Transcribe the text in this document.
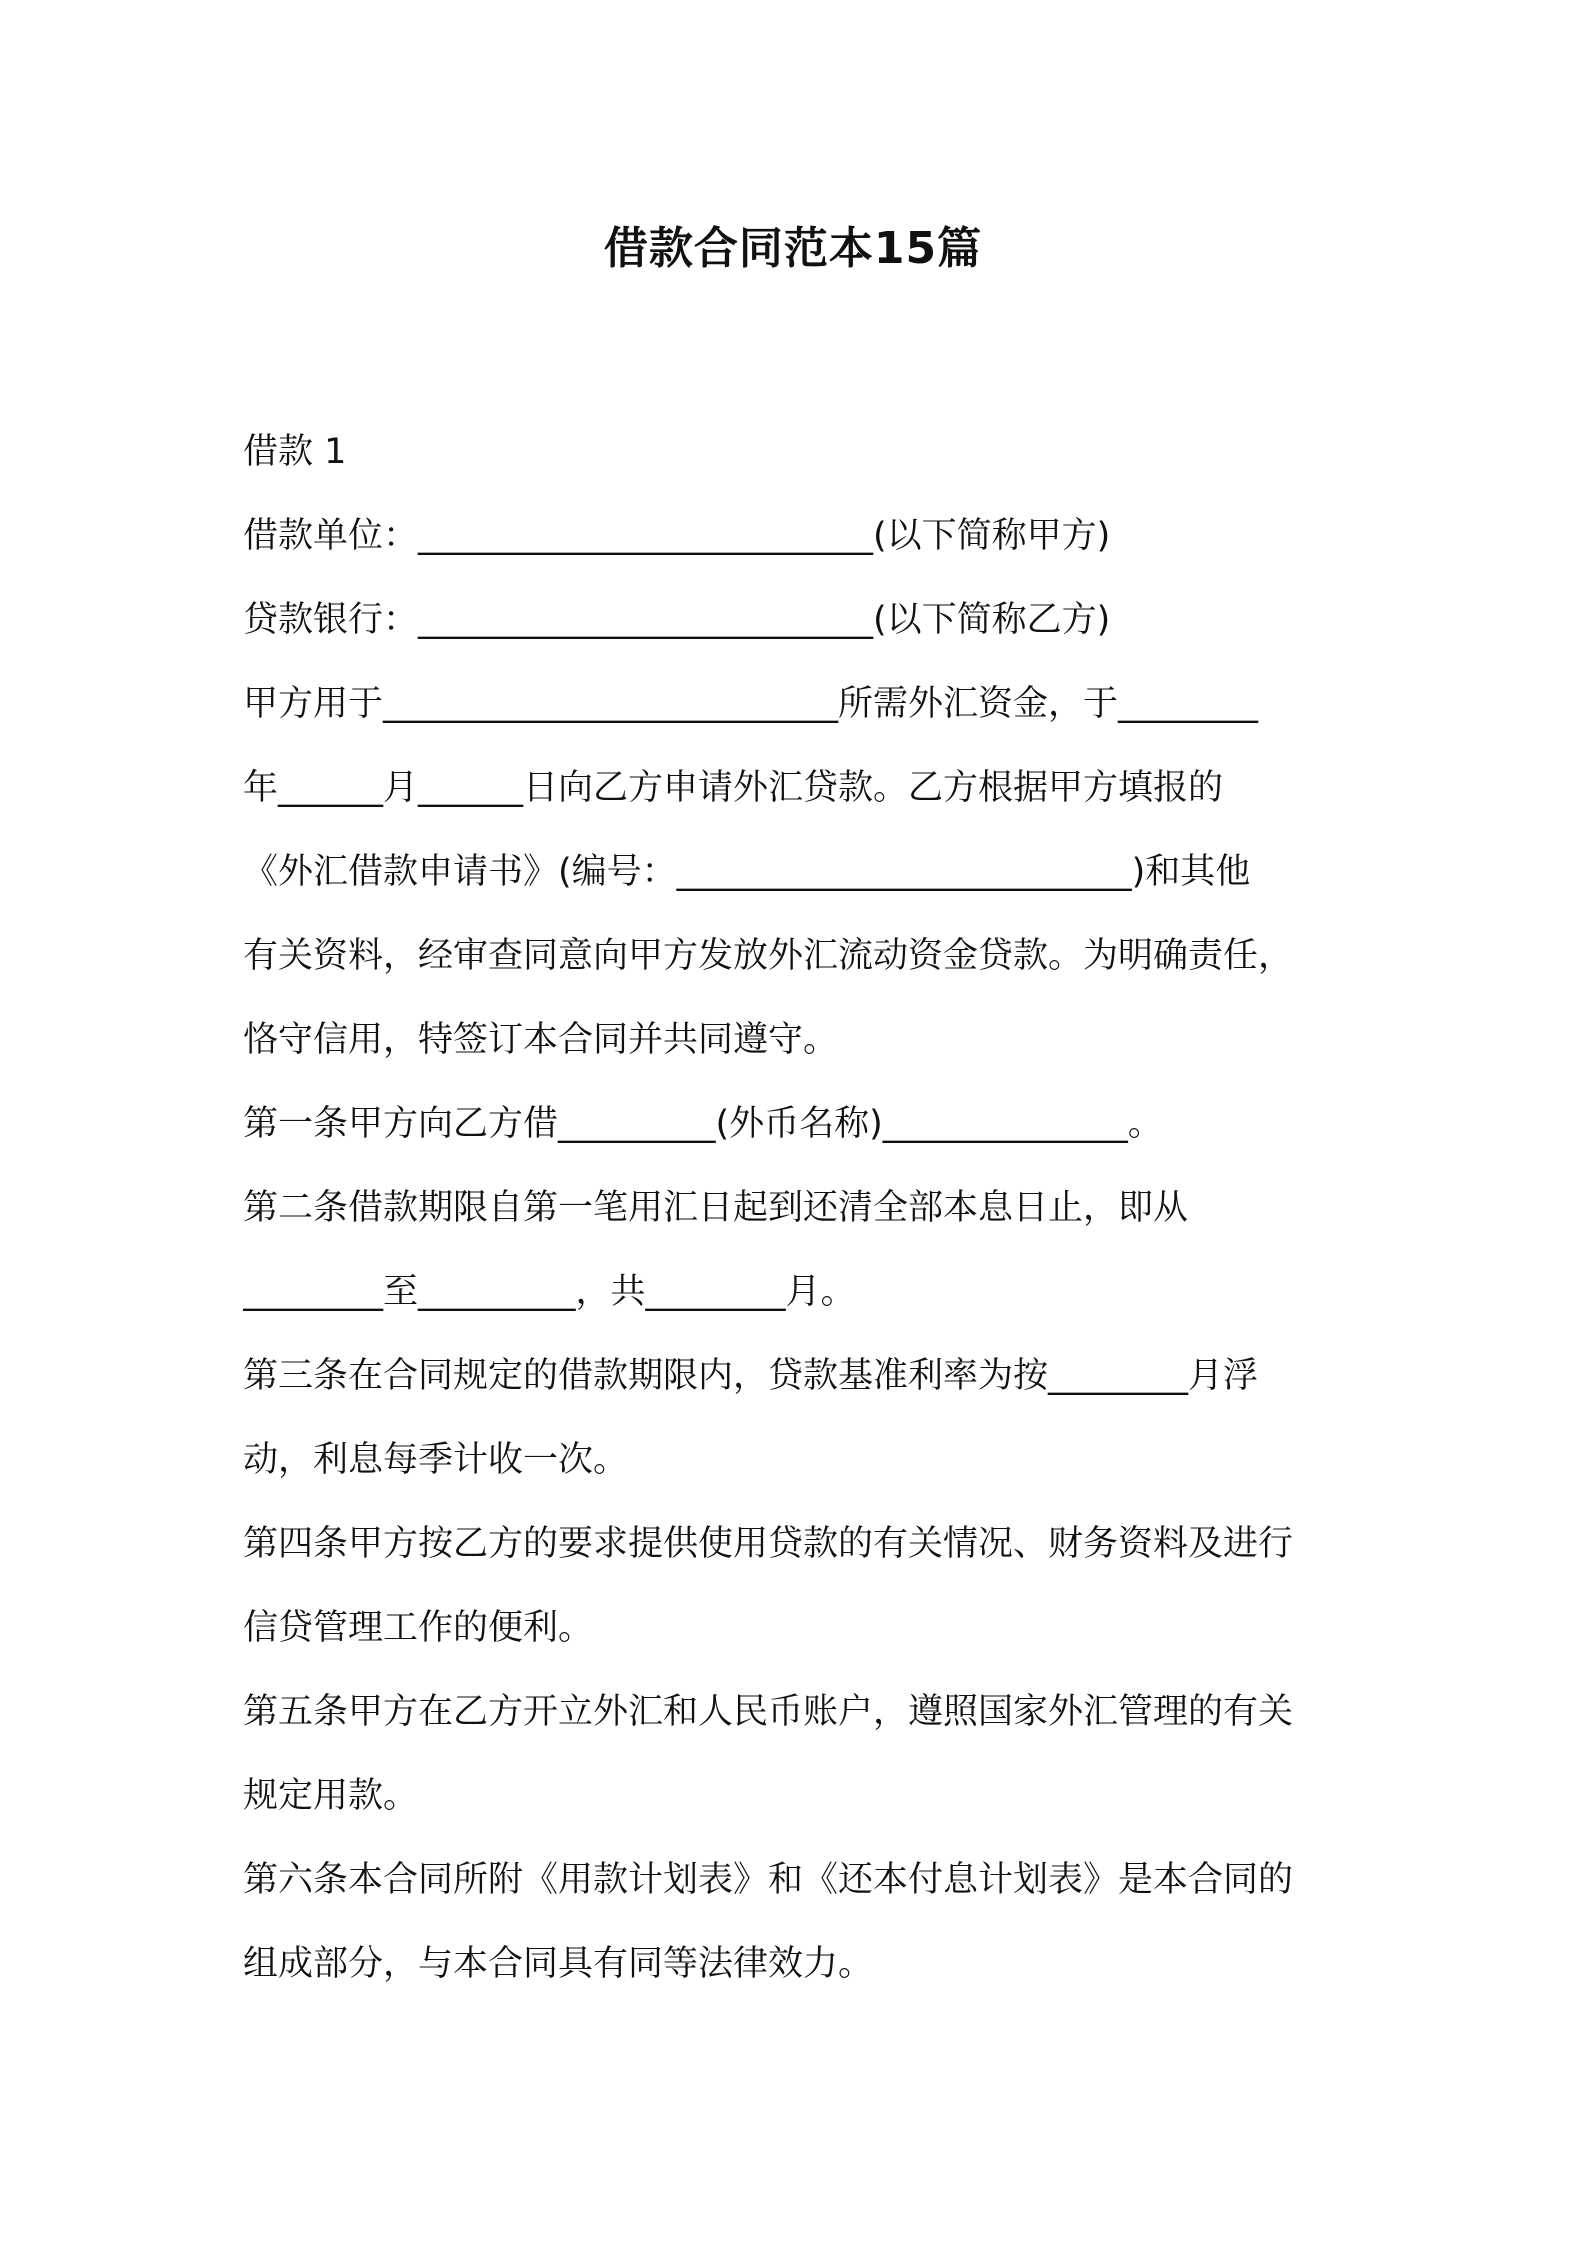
借款合同范本15篇

借款 1

借款单位：__________________________(以下简称甲方)

贷款银行：__________________________(以下简称乙方)

甲方用于__________________________所需外汇资金，于________

年______月______日向乙方申请外汇贷款。乙方根据甲方填报的

《外汇借款申请书》(编号：__________________________)和其他

有关资料，经审查同意向甲方发放外汇流动资金贷款。为明确责任，

恪守信用，特签订本合同并共同遵守。

第一条甲方向乙方借_________(外币名称)______________。

第二条借款期限自第一笔用汇日起到还清全部本息日止，即从

________至_________，共________月。

第三条在合同规定的借款期限内，贷款基准利率为按________月浮

动，利息每季计收一次。

第四条甲方按乙方的要求提供使用贷款的有关情况、财务资料及进行

信贷管理工作的便利。

第五条甲方在乙方开立外汇和人民币账户，遵照国家外汇管理的有关

规定用款。

第六条本合同所附《用款计划表》和《还本付息计划表》是本合同的

组成部分，与本合同具有同等法律效力。
